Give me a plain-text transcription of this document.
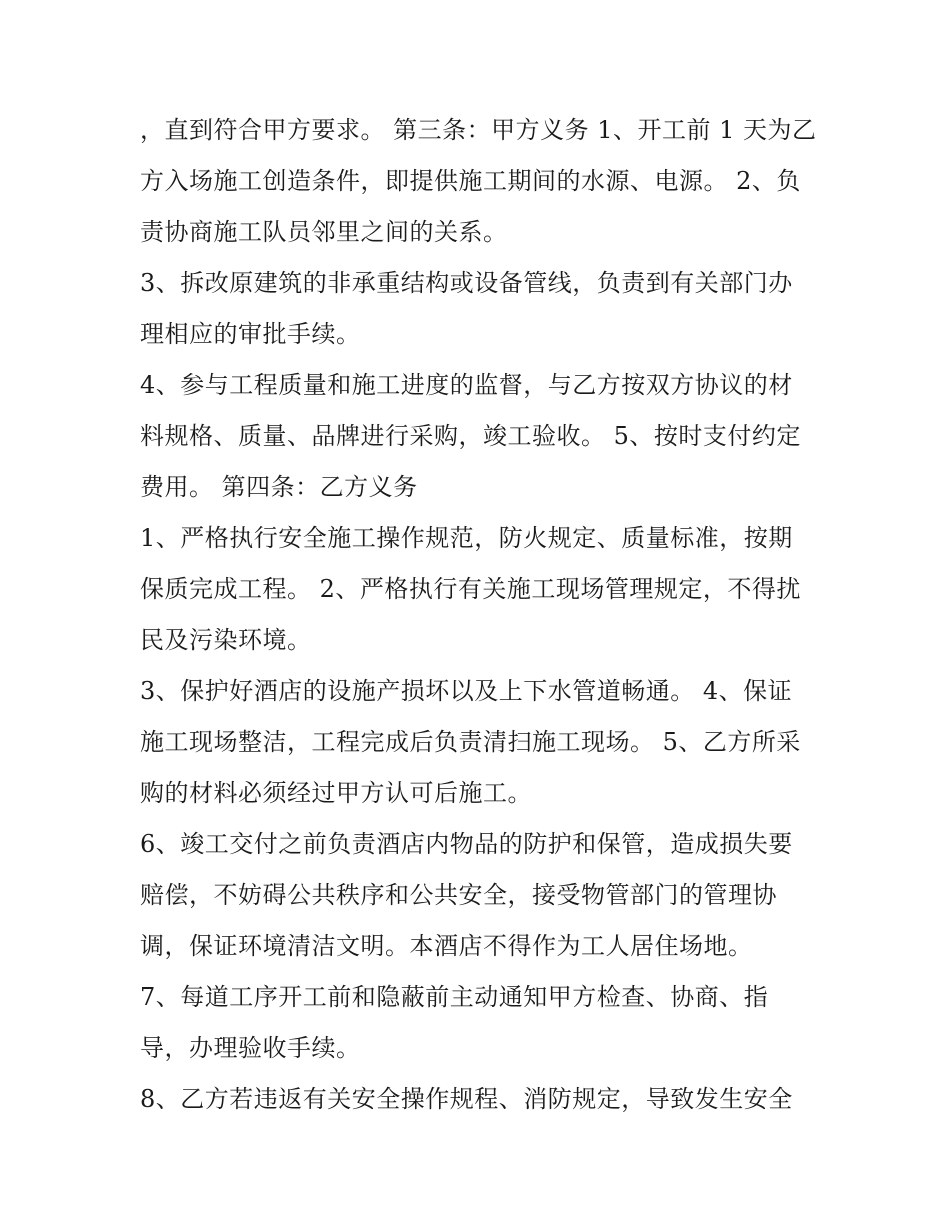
，直到符合甲方要求。 第三条：甲方义务 1、开工前 1 天为乙
方入场施工创造条件，即提供施工期间的水源、电源。 2、负
责协商施工队员邻里之间的关系。
3、拆改原建筑的非承重结构或设备管线，负责到有关部门办
理相应的审批手续。
4、参与工程质量和施工进度的监督，与乙方按双方协议的材
料规格、质量、品牌进行采购，竣工验收。 5、按时支付约定
费用。 第四条：乙方义务
1、严格执行安全施工操作规范，防火规定、质量标准，按期
保质完成工程。 2、严格执行有关施工现场管理规定，不得扰
民及污染环境。
3、保护好酒店的设施产损坏以及上下水管道畅通。 4、保证
施工现场整洁，工程完成后负责清扫施工现场。 5、乙方所采
购的材料必须经过甲方认可后施工。
6、竣工交付之前负责酒店内物品的防护和保管，造成损失要
赔偿，不妨碍公共秩序和公共安全，接受物管部门的管理协
调，保证环境清洁文明。本酒店不得作为工人居住场地。
7、每道工序开工前和隐蔽前主动通知甲方检查、协商、指
导，办理验收手续。
8、乙方若违返有关安全操作规程、消防规定，导致发生安全
